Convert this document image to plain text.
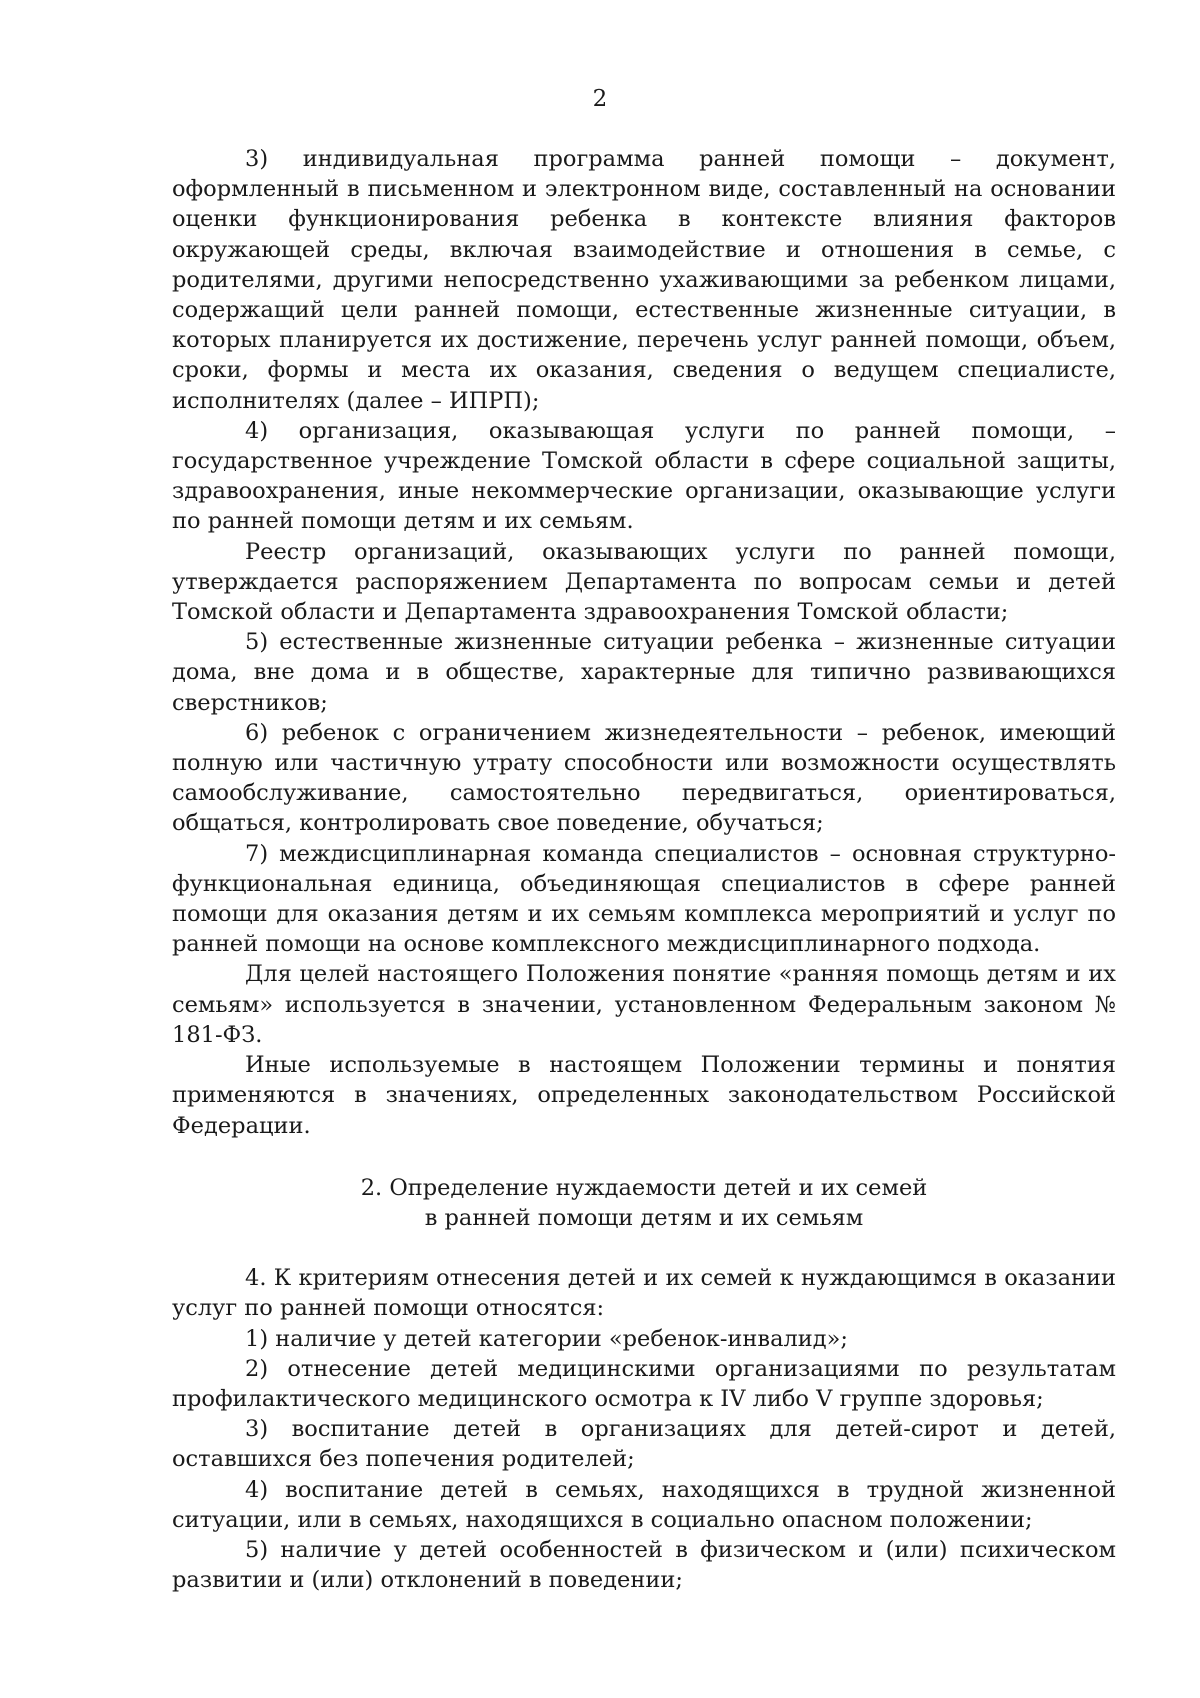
2

3) индивидуальная программа ранней помощи – документ, оформленный в письменном и электронном виде, составленный на основании оценки функционирования ребенка в контексте влияния факторов окружающей среды, включая взаимодействие и отношения в семье, с родителями, другими непосредственно ухаживающими за ребенком лицами, содержащий цели ранней помощи, естественные жизненные ситуации, в которых планируется их достижение, перечень услуг ранней помощи, объем, сроки, формы и места их оказания, сведения о ведущем специалисте, исполнителях (далее – ИПРП);

4) организация, оказывающая услуги по ранней помощи, – государственное учреждение Томской области в сфере социальной защиты, здравоохранения, иные некоммерческие организации, оказывающие услуги по ранней помощи детям и их семьям.

Реестр организаций, оказывающих услуги по ранней помощи, утверждается распоряжением Департамента по вопросам семьи и детей Томской области и Департамента здравоохранения Томской области;

5) естественные жизненные ситуации ребенка – жизненные ситуации дома, вне дома и в обществе, характерные для типично развивающихся сверстников;

6) ребенок с ограничением жизнедеятельности – ребенок, имеющий полную или частичную утрату способности или возможности осуществлять самообслуживание, самостоятельно передвигаться, ориентироваться, общаться, контролировать свое поведение, обучаться;

7) междисциплинарная команда специалистов – основная структурно-функциональная единица, объединяющая специалистов в сфере ранней помощи для оказания детям и их семьям комплекса мероприятий и услуг по ранней помощи на основе комплексного междисциплинарного подхода.

Для целей настоящего Положения понятие «ранняя помощь детям и их семьям» используется в значении, установленном Федеральным законом № 181-ФЗ.

Иные используемые в настоящем Положении термины и понятия применяются в значениях, определенных законодательством Российской Федерации.

2. Определение нуждаемости детей и их семей
в ранней помощи детям и их семьям

4. К критериям отнесения детей и их семей к нуждающимся в оказании услуг по ранней помощи относятся:

1) наличие у детей категории «ребенок-инвалид»;

2) отнесение детей медицинскими организациями по результатам профилактического медицинского осмотра к IV либо V группе здоровья;

3) воспитание детей в организациях для детей-сирот и детей, оставшихся без попечения родителей;

4) воспитание детей в семьях, находящихся в трудной жизненной ситуации, или в семьях, находящихся в социально опасном положении;

5) наличие у детей особенностей в физическом и (или) психическом развитии и (или) отклонений в поведении;
